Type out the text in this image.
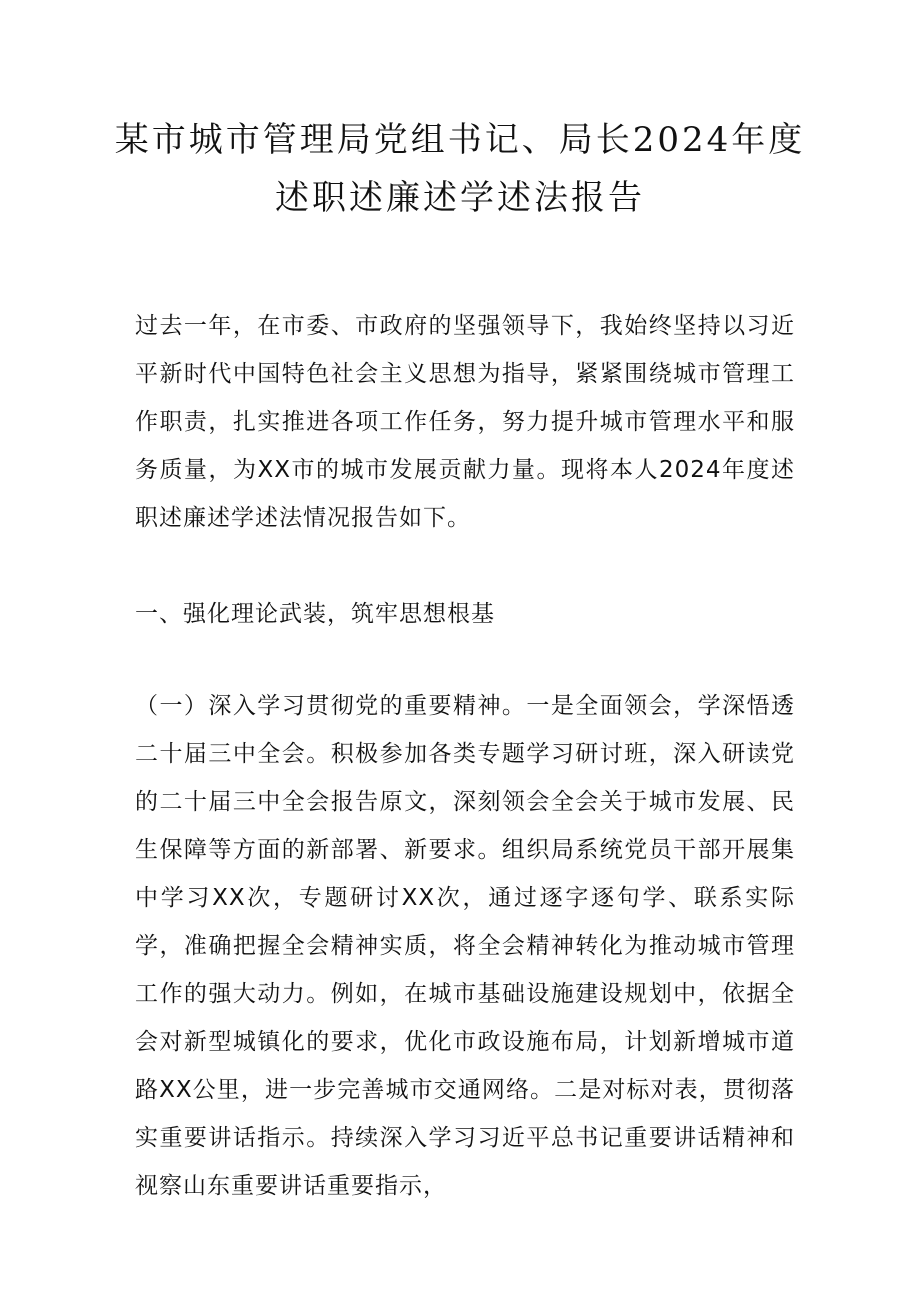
某市城市管理局党组书记、局长2024年度
述职述廉述学述法报告

过去一年，在市委、市政府的坚强领导下，我始终坚持以习近平新时代中国特色社会主义思想为指导，紧紧围绕城市管理工作职责，扎实推进各项工作任务，努力提升城市管理水平和服务质量，为XX市的城市发展贡献力量。现将本人2024年度述职述廉述学述法情况报告如下。

一、强化理论武装，筑牢思想根基

（一）深入学习贯彻党的重要精神。一是全面领会，学深悟透二十届三中全会。积极参加各类专题学习研讨班，深入研读党的二十届三中全会报告原文，深刻领会全会关于城市发展、民生保障等方面的新部署、新要求。组织局系统党员干部开展集中学习XX次，专题研讨XX次，通过逐字逐句学、联系实际学，准确把握全会精神实质，将全会精神转化为推动城市管理工作的强大动力。例如，在城市基础设施建设规划中，依据全会对新型城镇化的要求，优化市政设施布局，计划新增城市道路XX公里，进一步完善城市交通网络。二是对标对表，贯彻落实重要讲话指示。持续深入学习习近平总书记重要讲话精神和视察山东重要讲话重要指示，
